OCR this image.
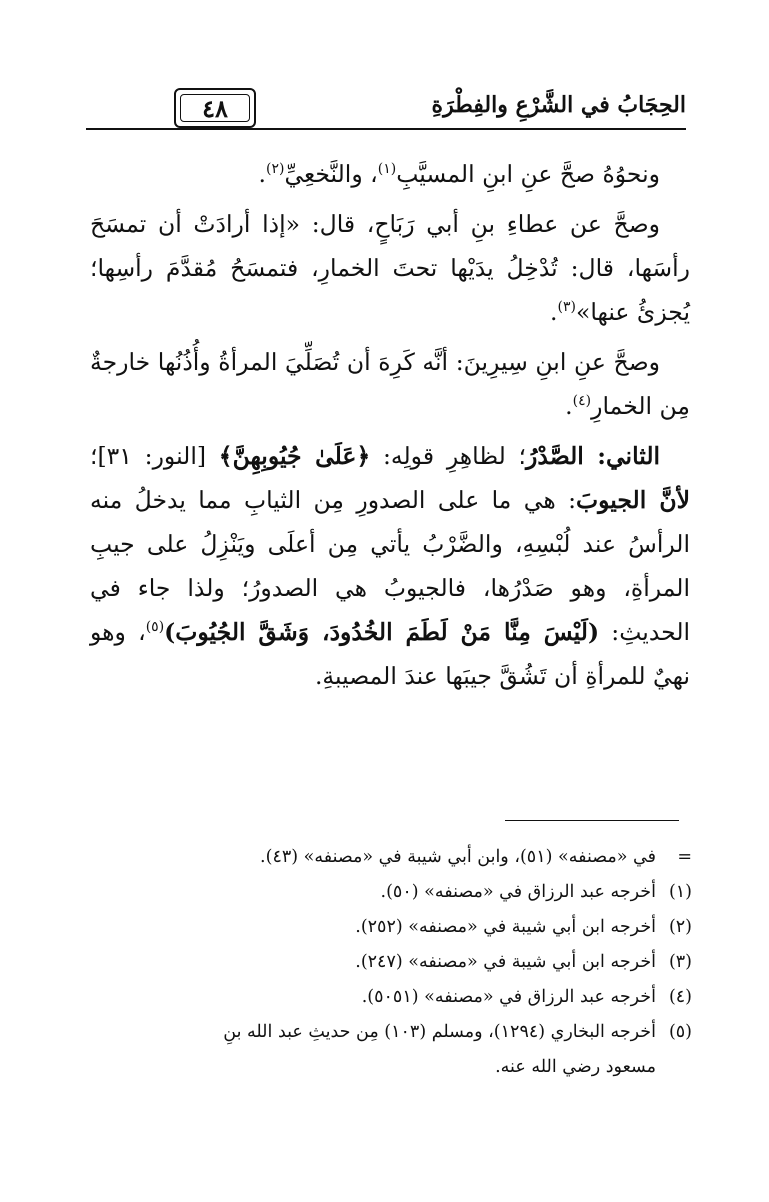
الحِجَابُ في الشَّرْعِ والفِطْرَةِ
٤٨

ونحوُهُ صحَّ عنِ ابنِ المسيَّبِ$^{(١)}$، والنَّخعِيِّ$^{(٢)}$.

وصحَّ عن عطاءِ بنِ أبي رَبَاحٍ، قال: «إذا أرادَتْ أن تمسَحَ رأسَها، قال: تُدْخِلُ يدَيْها تحتَ الخمارِ، فتمسَحُ مُقدَّمَ رأسِها؛ يُجزئُ عنها»$^{(٣)}$.

وصحَّ عنِ ابنِ سِيرِينَ: أنَّه كَرِهَ أن تُصَلِّيَ المرأةُ وأُذُنُها خارجةٌ مِن الخمارِ$^{(٤)}$.

الثاني: الصَّدْرُ؛ لظاهِرِ قولِه: ﴿عَلَىٰ جُيُوبِهِنَّ﴾ [النور: ٣١]؛ لأنَّ الجيوبَ: هي ما على الصدورِ مِن الثيابِ مما يدخلُ منه الرأسُ عند لُبْسِهِ، والضَّرْبُ يأتي مِن أعلَى ويَنْزِلُ على جيبِ المرأةِ، وهو صَدْرُها، فالجيوبُ هي الصدورُ؛ ولذا جاء في الحديثِ: (لَيْسَ مِنَّا مَنْ لَطَمَ الخُدُودَ، وَشَقَّ الجُيُوبَ)$^{(٥)}$، وهو نهيٌ للمرأةِ أن تَشُقَّ جيبَها عندَ المصيبةِ.

=
في «مصنفه» (٥١)، وابن أبي شيبة في «مصنفه» (٤٣).
(١)
أخرجه عبد الرزاق في «مصنفه» (٥٠).
(٢)
أخرجه ابن أبي شيبة في «مصنفه» (٢٥٢).
(٣)
أخرجه ابن أبي شيبة في «مصنفه» (٢٤٧).
(٤)
أخرجه عبد الرزاق في «مصنفه» (٥٠٥١).
(٥)
أخرجه البخاري (١٢٩٤)، ومسلم (١٠٣) مِن حديثِ عبد الله بنِ
مسعود رضي الله عنه.
